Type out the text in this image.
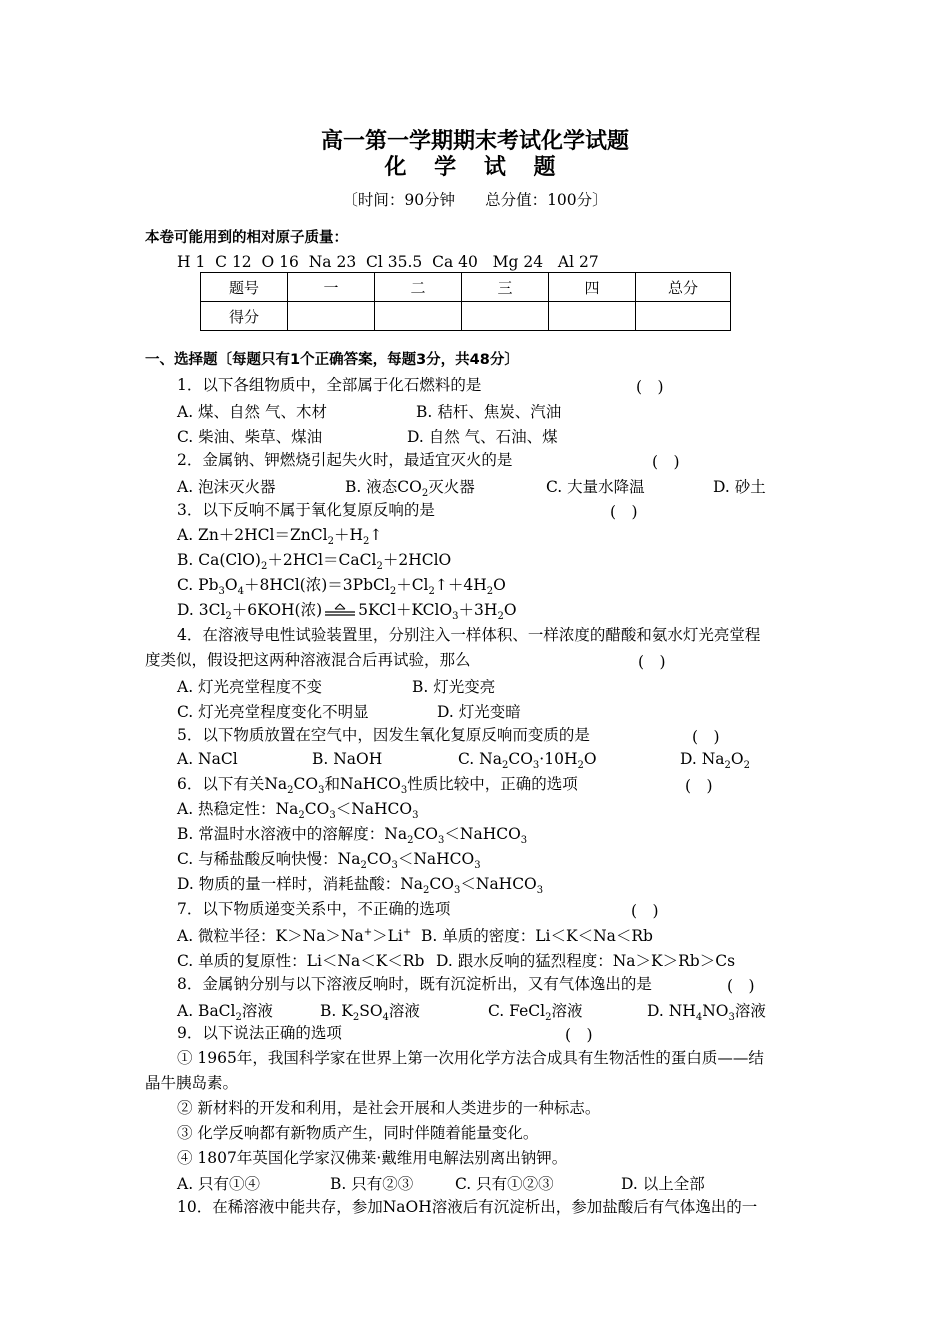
高一第一学期期末考试化学试题
化 学 试 题
〔时间：90分钟 总分值：100分〕
本卷可能用到的相对原子质量：
H 1  C 12  O 16  Na 23  Cl 35.5  Ca 40   Mg 24   Al 27
题号	一	二	三	四	总分
得分					
一、选择题〔每题只有1个正确答案，每题3分，共48分〕
1．以下各组物质中，全部属于化石燃料的是	(　)
A. 煤、自然 气、木材	B. 秸杆、焦炭、汽油
C. 柴油、柴草、煤油	D. 自然 气、石油、煤
2．金属钠、钾燃烧引起失火时，最适宜灭火的是	(　)
A. 泡沫灭火器	B. 液态$CO_2$灭火器	C. 大量水降温	D. 砂土
3．以下反响不属于氧化复原反响的是	(　)
A. $Zn+2HCl=ZnCl_2+H_2↑$
B. $Ca(ClO)_2+2HCl=CaCl_2+2HClO$
C. $Pb_3O_4+8HCl$(浓)$=3PbCl_2+Cl_2↑+4H_2O$
D. $3Cl_2+6KOH$(浓) $5KCl+KClO_3+3H_2O$
4．在溶液导电性试验装置里，分别注入一样体积、一样浓度的醋酸和氨水灯光亮堂程
度类似，假设把这两种溶液混合后再试验，那么	(　)
A. 灯光亮堂程度不变	B. 灯光变亮
C. 灯光亮堂程度变化不明显	D. 灯光变暗
5．以下物质放置在空气中，因发生氧化复原反响而变质的是	(　)
A. NaCl	B. NaOH	C. $Na_2CO_3\cdot 10H_2O$	D. $Na_2O_2$
6．以下有关$Na_2CO_3$和NaHCO$_3$性质比较中，正确的选项	(　)
A. 热稳定性：$Na_2CO_3<NaHCO_3$
B. 常温时水溶液中的溶解度：$Na_2CO_3<NaHCO_3$
C. 与稀盐酸反响快慢：$Na_2CO_3<NaHCO_3$
D. 物质的量一样时，消耗盐酸：$Na_2CO_3<NaHCO_3$
7．以下物质递变关系中，不正确的选项	(　)
A. 微粒半径：K＞Na＞Na+＞Li+ B. 单质的密度：Li＜K＜Na＜Rb
C. 单质的复原性：Li＜Na＜K＜Rb D. 跟水反响的猛烈程度：Na＞K＞Rb＞Cs
8．金属钠分别与以下溶液反响时，既有沉淀析出，又有气体逸出的是	(　)
A. BaCl$_2$溶液	B. $K_2SO_4$溶液	C. FeCl$_2$溶液	D. $NH_4NO_3$溶液
9．以下说法正确的选项	(　)
① 1965年，我国科学家在世界上第一次用化学方法合成具有生物活性的蛋白质——结
晶牛胰岛素。
② 新材料的开发和利用，是社会开展和人类进步的一种标志。
③ 化学反响都有新物质产生，同时伴随着能量变化。
④ 1807年英国化学家汉佛莱·戴维用电解法别离出钠钾。
A. 只有①④	B. 只有②③	C. 只有①②③	D. 以上全部
10．在稀溶液中能共存，参加NaOH溶液后有沉淀析出，参加盐酸后有气体逸出的一
